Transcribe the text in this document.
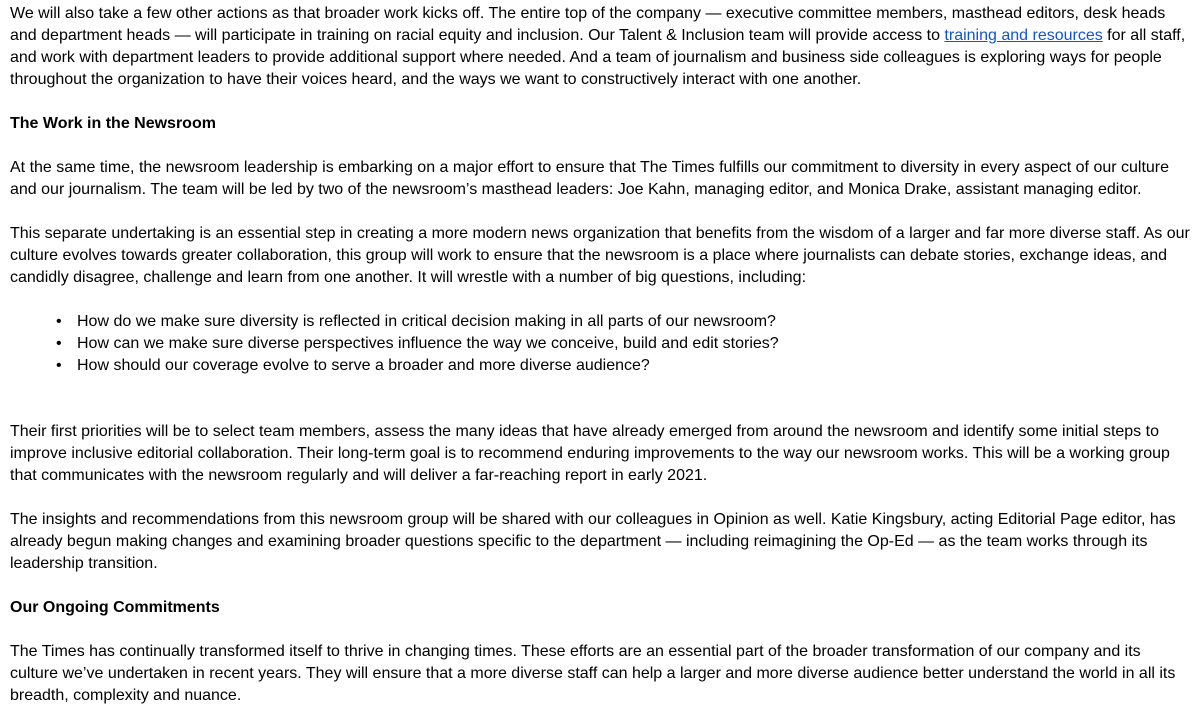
We will also take a few other actions as that broader work kicks off. The entire top of the company — executive committee members, masthead editors, desk heads and department heads — will participate in training on racial equity and inclusion. Our Talent & Inclusion team will provide access to training and resources for all staff, and work with department leaders to provide additional support where needed. And a team of journalism and business side colleagues is exploring ways for people throughout the organization to have their voices heard, and the ways we want to constructively interact with one another.

The Work in the Newsroom

At the same time, the newsroom leadership is embarking on a major effort to ensure that The Times fulfills our commitment to diversity in every aspect of our culture and our journalism. The team will be led by two of the newsroom’s masthead leaders: Joe Kahn, managing editor, and Monica Drake, assistant managing editor.

This separate undertaking is an essential step in creating a more modern news organization that benefits from the wisdom of a larger and far more diverse staff. As our culture evolves towards greater collaboration, this group will work to ensure that the newsroom is a place where journalists can debate stories, exchange ideas, and candidly disagree, challenge and learn from one another. It will wrestle with a number of big questions, including:

• How do we make sure diversity is reflected in critical decision making in all parts of our newsroom?
• How can we make sure diverse perspectives influence the way we conceive, build and edit stories?
• How should our coverage evolve to serve a broader and more diverse audience?

Their first priorities will be to select team members, assess the many ideas that have already emerged from around the newsroom and identify some initial steps to improve inclusive editorial collaboration. Their long-term goal is to recommend enduring improvements to the way our newsroom works. This will be a working group that communicates with the newsroom regularly and will deliver a far-reaching report in early 2021.

The insights and recommendations from this newsroom group will be shared with our colleagues in Opinion as well. Katie Kingsbury, acting Editorial Page editor, has already begun making changes and examining broader questions specific to the department — including reimagining the Op-Ed — as the team works through its leadership transition.

Our Ongoing Commitments

The Times has continually transformed itself to thrive in changing times. These efforts are an essential part of the broader transformation of our company and its culture we’ve undertaken in recent years. They will ensure that a more diverse staff can help a larger and more diverse audience better understand the world in all its breadth, complexity and nuance.
